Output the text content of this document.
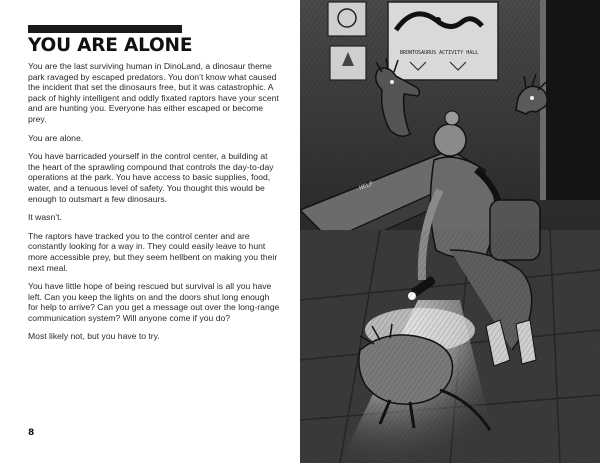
YOU ARE ALONE

You are the last surviving human in DinoLand, a dinosaur theme park ravaged by escaped predators. You don’t know what caused the incident that set the dinosaurs free, but it was catastrophic. A pack of highly intelligent and oddly fixated raptors have your scent and are hunting you. Everyone has either escaped or become prey.

You are alone.

You have barricaded yourself in the control center, a building at the heart of the sprawling compound that controls the day-to-day operations at the park. You have access to basic supplies, food, water, and a tenuous level of safety. You thought this would be enough to outsmart a few dinosaurs.

It wasn’t.

The raptors have tracked you to the control center and are constantly looking for a way in. They could easily leave to hunt more accessible prey, but they seem hellbent on making you their next meal.

You have little hope of being rescued but survival is all you have left. Can you keep the lights on and the doors shut long enough for help to arrive? Can you get a message out over the long-range communication system? Will anyone come if you do?

Most likely not, but you have to try.

8
BRONTOSAURUS ACTIVITY HALL
HELP
